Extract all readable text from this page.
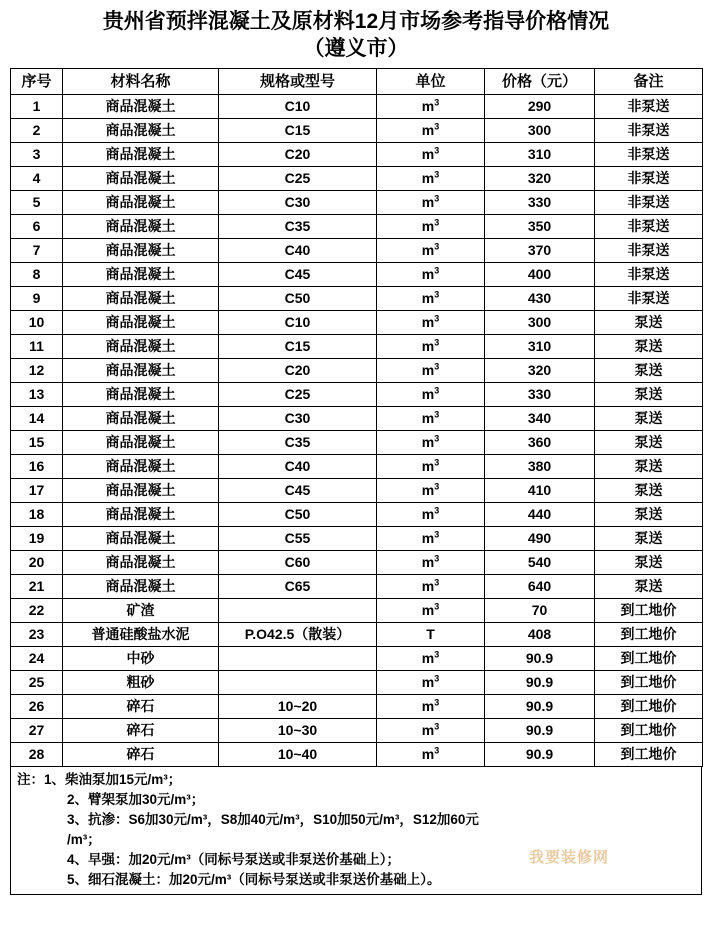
贵州省预拌混凝土及原材料12月市场参考指导价格情况
（遵义市）
序号	材料名称	规格或型号	单位	价格（元）	备注
1	商品混凝土	C10	$m^3$	290	非泵送
2	商品混凝土	C15	$m^3$	300	非泵送
3	商品混凝土	C20	$m^3$	310	非泵送
4	商品混凝土	C25	$m^3$	320	非泵送
5	商品混凝土	C30	$m^3$	330	非泵送
6	商品混凝土	C35	$m^3$	350	非泵送
7	商品混凝土	C40	$m^3$	370	非泵送
8	商品混凝土	C45	$m^3$	400	非泵送
9	商品混凝土	C50	$m^3$	430	非泵送
10	商品混凝土	C10	$m^3$	300	泵送
11	商品混凝土	C15	$m^3$	310	泵送
12	商品混凝土	C20	$m^3$	320	泵送
13	商品混凝土	C25	$m^3$	330	泵送
14	商品混凝土	C30	$m^3$	340	泵送
15	商品混凝土	C35	$m^3$	360	泵送
16	商品混凝土	C40	$m^3$	380	泵送
17	商品混凝土	C45	$m^3$	410	泵送
18	商品混凝土	C50	$m^3$	440	泵送
19	商品混凝土	C55	$m^3$	490	泵送
20	商品混凝土	C60	$m^3$	540	泵送
21	商品混凝土	C65	$m^3$	640	泵送
22	矿渣		$m^3$	70	到工地价
23	普通硅酸盐水泥	P.O42.5（散装）	T	408	到工地价
24	中砂		$m^3$	90.9	到工地价
25	粗砂		$m^3$	90.9	到工地价
26	碎石	10~20	$m^3$	90.9	到工地价
27	碎石	10~30	$m^3$	90.9	到工地价
28	碎石	10~40	$m^3$	90.9	到工地价
注：1、柴油泵加15元/m³；
2、臂架泵加30元/m³；
3、抗渗：S6加30元/m³，S8加40元/m³，S10加50元/m³，S12加60元
/m³；
4、早强：加20元/m³（同标号泵送或非泵送价基础上）；
5、细石混凝土：加20元/m³（同标号泵送或非泵送价基础上）。
我要装修网
